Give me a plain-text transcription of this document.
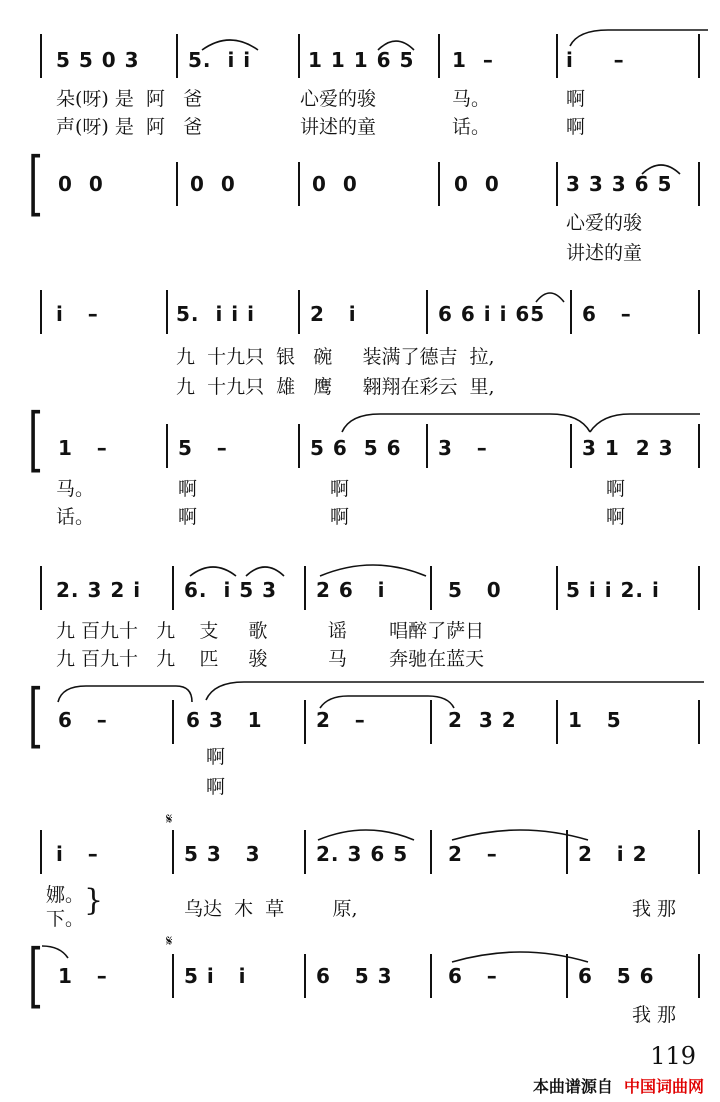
5 5 0 3 5.  i i	1 1 1 6 5 1  –	i     –
朵(呀) 是  阿   爸	心爱的骏	马。	啊
声(呀) 是  阿   爸	讲述的童	话。	啊
[ 0  0	0  0	0  0	0  0	3 3 3 6 5
心爱的骏
讲述的童
i   –	5.  i i i	2   i	6 6 i i 65 6   –
九  十九只  银   碗     装满了德吉  拉,
九  十九只  雄   鹰     翱翔在彩云  里,
[ 1   –	5   –	5 6  5 6 3   –	3 1  2 3
马。	啊	啊	啊
话。	啊	啊	啊
2. 3 2 i 6.  i 5 3 2 6   i	5   0	5 i i 2. i
九 百九十   九    支     歌          谣       唱醉了萨日
九 百九十   九    匹     骏          马       奔驰在蓝天
[ 6   –	6 3   1	2   –	2  3 2	1   5
啊
啊
𝄋
i   –	5 3   3	2. 3 6 5 2   –	2   i 2
娜。
下。
}	乌达  木  草        原,	我 那
[	𝄋
1   –	5 i   i	6   5 3	6   –	6   5 6
我 那
119
本曲谱源自 中国词曲网
